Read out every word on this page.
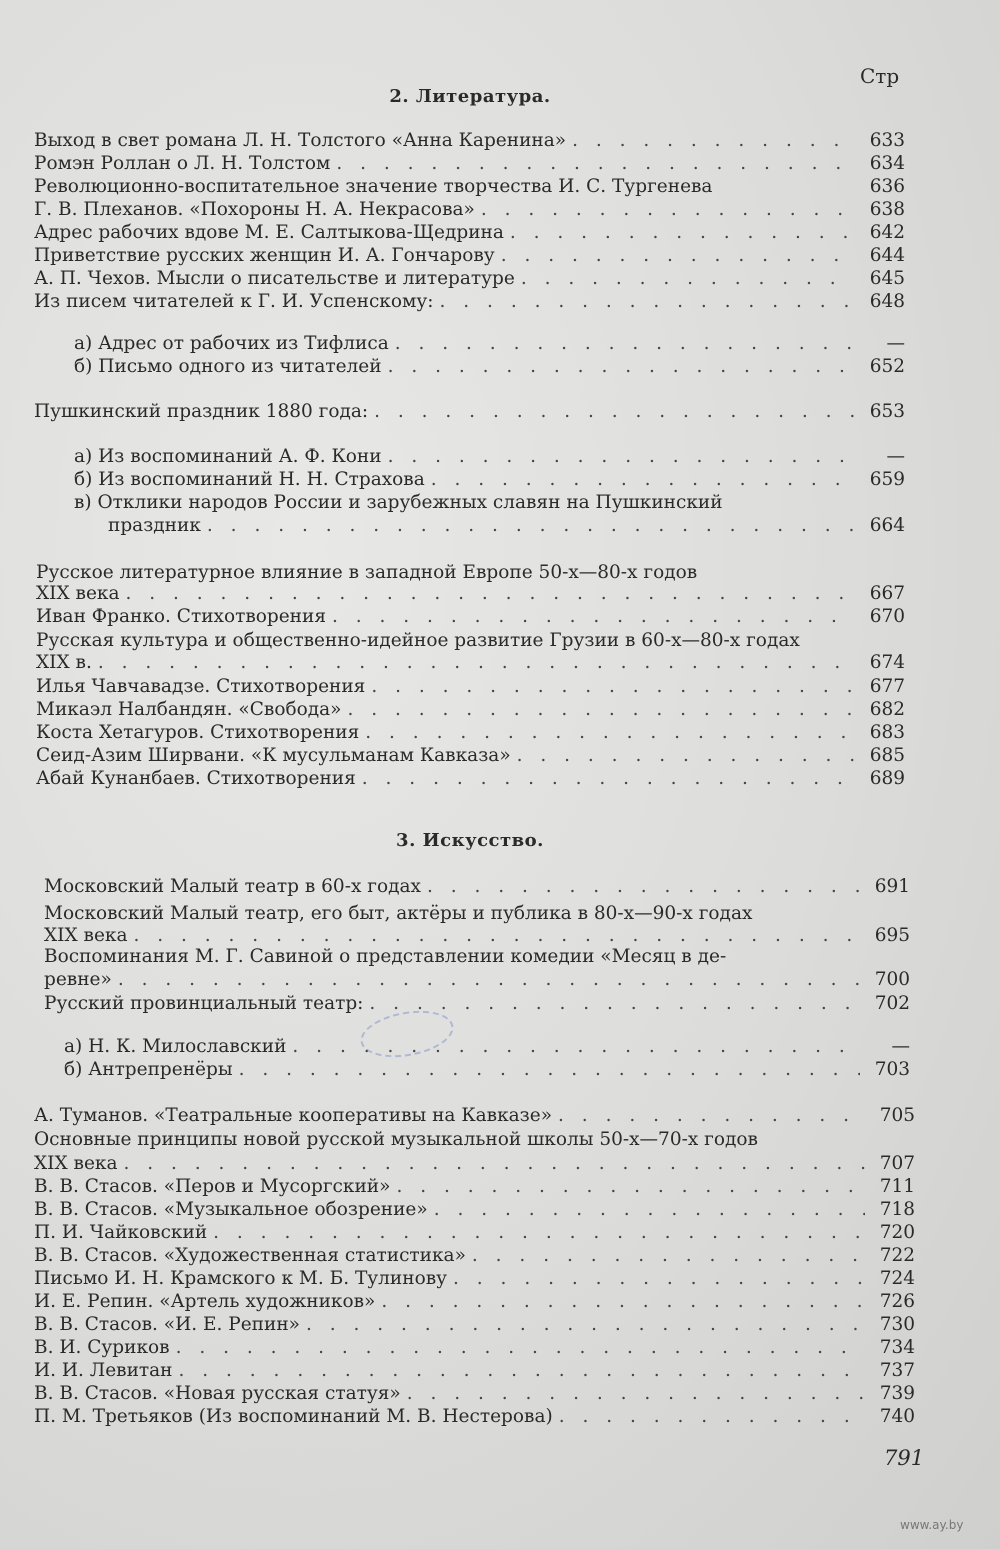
Стр
2. Литература.
3. Искусство.
Выход в свет романа Л. Н. Толстого «Анна Каренина» . . .	633
Ромэн Роллан о Л. Н. Толстом . . .	634
Революционно-воспитательное значение творчества И. С. Тургенева	636
Г. В. Плеханов. «Похороны Н. А. Некрасова» . . .	638
Адрес рабочих вдове М. Е. Салтыкова-Щедрина . . .	642
Приветствие русских женщин И. А. Гончарову . . .	644
А. П. Чехов. Мысли о писательстве и литературе . . .	645
Из писем читателей к Г. И. Успенскому: . . .	648
а) Адрес от рабочих из Тифлиса . . .	—
б) Письмо одного из читателей . . .	652
Пушкинский праздник 1880 года: . . .	653
а) Из воспоминаний А. Ф. Кони . . .	—
б) Из воспоминаний Н. Н. Страхова . . .	659
в) Отклики народов России и зарубежных славян на Пушкинский
праздник . . .	664
Русское литературное влияние в западной Европе 50-х—80-х годов
XIX века . . .	667
Иван Франко. Стихотворения . . .	670
Русская культура и общественно-идейное развитие Грузии в 60-х—80-х годах
XIX в. . . .	674
Илья Чавчавадзе. Стихотворения . . .	677
Микаэл Налбандян. «Свобода» . . .	682
Коста Хетагуров. Стихотворения . . .	683
Сеид-Азим Ширвани. «К мусульманам Кавказа» . . .	685
Абай Кунанбаев. Стихотворения . . .	689
Московский Малый театр в 60-х годах . . .	691
Московский Малый театр, его быт, актёры и публика в 80-х—90-х годах
XIX века . . .	695
Воспоминания М. Г. Савиной о представлении комедии «Месяц в де-
ревне» . . .	700
Русский провинциальный театр: . . .	702
а) Н. К. Милославский . . .	—
б) Антрепренёры . . .	703
А. Туманов. «Театральные кооперативы на Кавказе» . . .	705
Основные принципы новой русской музыкальной школы 50-х—70-х годов
XIX века . . .	707
В. В. Стасов. «Перов и Мусоргский» . . .	711
В. В. Стасов. «Музыкальное обозрение» . . .	718
П. И. Чайковский . . .	720
В. В. Стасов. «Художественная статистика» . . .	722
Письмо И. Н. Крамского к М. Б. Тулинову . . .	724
И. Е. Репин. «Артель художников» . . .	726
В. В. Стасов. «И. Е. Репин» . . .	730
В. И. Суриков . . .	734
И. И. Левитан . . .	737
В. В. Стасов. «Новая русская статуя» . . .	739
П. М. Третьяков (Из воспоминаний М. В. Нестерова) . . .	740
791
www.ay.by
